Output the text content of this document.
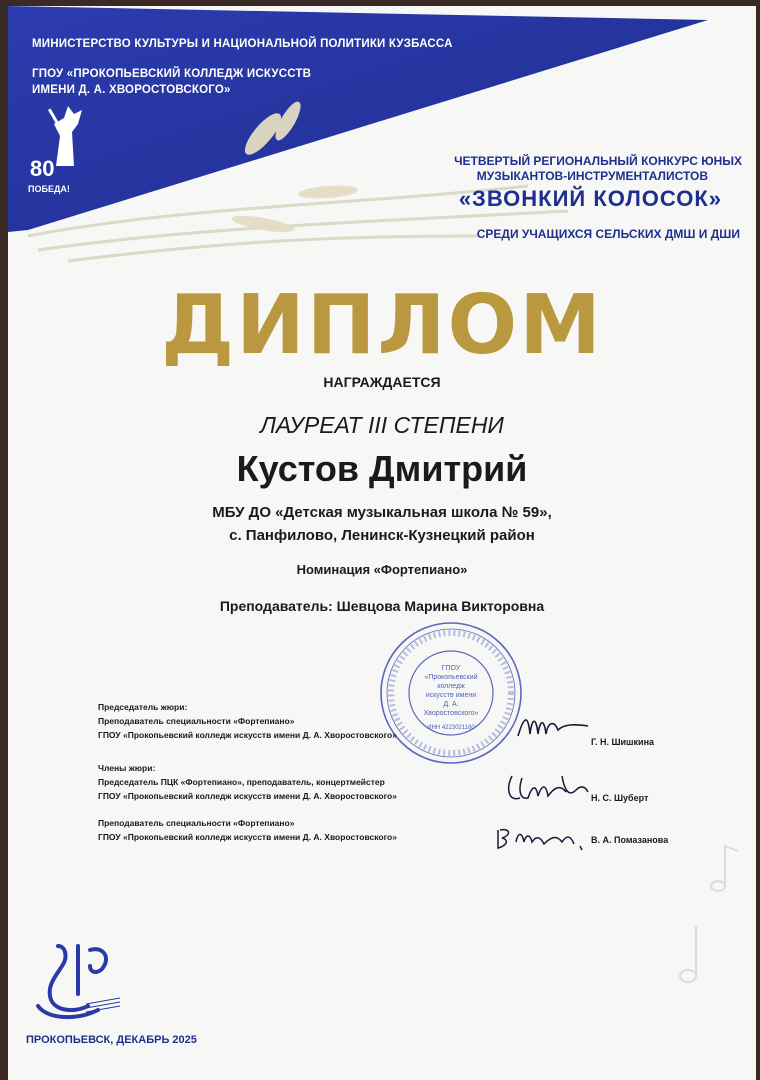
80
ПОБЕДА!
МИНИСТЕРСТВО КУЛЬТУРЫ И НАЦИОНАЛЬНОЙ ПОЛИТИКИ КУЗБАССА
ГПОУ «ПРОКОПЬЕВСКИЙ КОЛЛЕДЖ ИСКУССТВ
ИМЕНИ Д. А. ХВОРОСТОВСКОГО»
ЧЕТВЕРТЫЙ РЕГИОНАЛЬНЫЙ КОНКУРС ЮНЫХ
МУЗЫКАНТОВ-ИНСТРУМЕНТАЛИСТОВ
«ЗВОНКИЙ КОЛОСОК»
СРЕДИ УЧАЩИХСЯ СЕЛЬСКИХ ДМШ И ДШИ
ДИПЛОМ
НАГРАЖДАЕТСЯ
ЛАУРЕАТ III СТЕПЕНИ
Кустов Дмитрий
МБУ ДО «Детская музыкальная школа № 59»,
с. Панфилово, Ленинск-Кузнецкий район
Номинация «Фортепиано»
Преподаватель: Шевцова Марина Викторовна
ГПОУ
«Прокопьевский
колледж
искусств имени
Д. А.
Хворостовского»
ИНН 4223021160
Председатель жюри:
Преподаватель специальности «Фортепиано»
ГПОУ «Прокопьевский колледж искусств имени Д. А. Хворостовского»
Г. Н. Шишкина
Члены жюри:
Председатель ПЦК «Фортепиано», преподаватель, концертмейстер
ГПОУ «Прокопьевский колледж искусств имени Д. А. Хворостовского»	Н. С. Шуберт
Преподаватель специальности «Фортепиано»
ГПОУ «Прокопьевский колледж искусств имени Д. А. Хворостовского»	В. А. Помазанова
ПРОКОПЬЕВСК, ДЕКАБРЬ 2025
